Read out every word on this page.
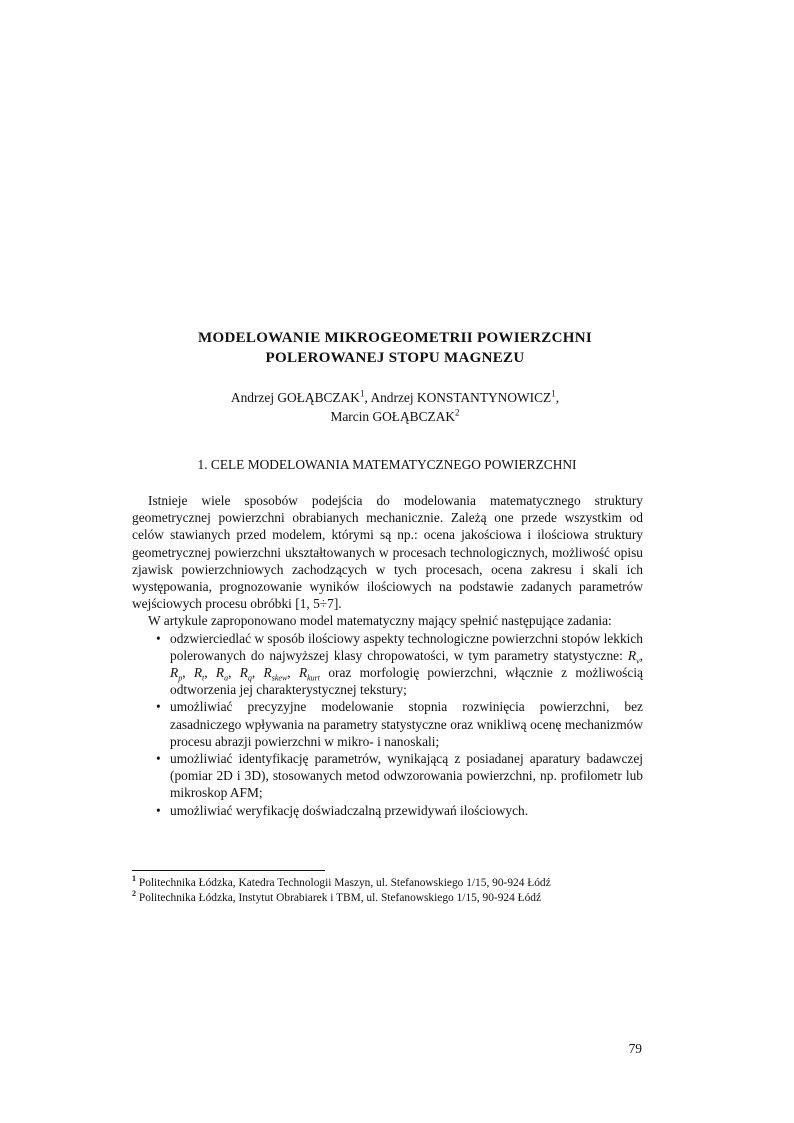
MODELOWANIE MIKROGEOMETRII POWIERZCHNI
POLEROWANEJ STOPU MAGNEZU
Andrzej GOŁĄBCZAK$^1$, Andrzej KONSTANTYNOWICZ$^1$,
Marcin GOŁĄBCZAK$^2$
1. CELE MODELOWANIA MATEMATYCZNEGO POWIERZCHNI

Istnieje wiele sposobów podejścia do modelowania matematycznego struktury geometrycznej powierzchni obrabianych mechanicznie. Zależą one przede wszystkim od celów stawianych przed modelem, którymi są np.: ocena jakościowa i ilościowa struktury geometrycznej powierzchni ukształtowanych w procesach technologicznych, możliwość opisu zjawisk powierzchniowych zachodzących w tych procesach, ocena zakresu i skali ich występowania, prognozowanie wyników ilościowych na podstawie zadanych parametrów wejściowych procesu obróbki [1, 5÷7].

W artykule zaproponowano model matematyczny mający spełnić następujące zadania:

• odzwierciedlać w sposób ilościowy aspekty technologiczne powierzchni stopów lekkich polerowanych do najwyższej klasy chropowatości, w tym parametry statystyczne: $R_v$, $R_p$, $R_t$, $R_a$, $R_q$, $R_{skew}$, $R_{kurt}$ oraz morfologię powierzchni, włącznie z możliwością odtworzenia jej charakterystycznej tekstury;
• umożliwiać precyzyjne modelowanie stopnia rozwinięcia powierzchni, bez zasadniczego wpływania na parametry statystyczne oraz wnikliwą ocenę mechanizmów procesu abrazji powierzchni w mikro- i nanoskali;
• umożliwiać identyfikację parametrów, wynikającą z posiadanej aparatury badawczej (pomiar 2D i 3D), stosowanych metod odwzorowania powierzchni, np. profilometr lub mikroskop AFM;
• umożliwiać weryfikację doświadczalną przewidywań ilościowych.
$^1$ Politechnika Łódzka, Katedra Technologii Maszyn, ul. Stefanowskiego 1/15, 90-924 Łódź
$^2$ Politechnika Łódzka, Instytut Obrabiarek i TBM, ul. Stefanowskiego 1/15, 90-924 Łódź
79
